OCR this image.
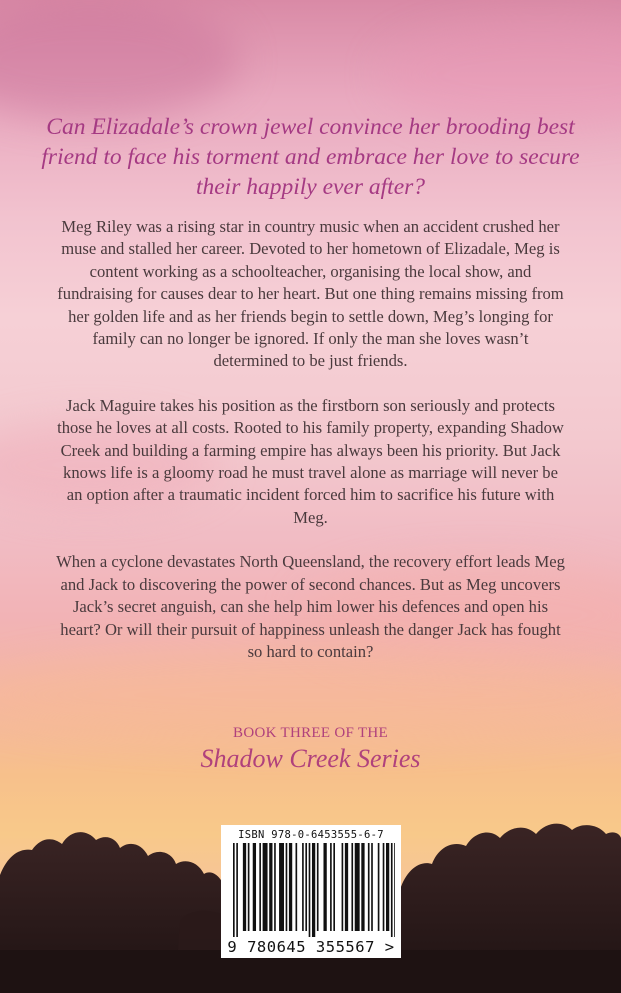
Can Elizadale’s crown jewel convince her brooding best friend to face his torment and embrace her love to secure their happily ever after?

Meg Riley was a rising star in country music when an accident crushed her muse and stalled her career. Devoted to her hometown of Elizadale, Meg is content working as a schoolteacher, organising the local show, and fundraising for causes dear to her heart. But one thing remains missing from her golden life and as her friends begin to settle down, Meg’s longing for family can no longer be ignored. If only the man she loves wasn’t determined to be just friends.

Jack Maguire takes his position as the firstborn son seriously and protects those he loves at all costs. Rooted to his family property, expanding Shadow Creek and building a farming empire has always been his priority. But Jack knows life is a gloomy road he must travel alone as marriage will never be an option after a traumatic incident forced him to sacrifice his future with Meg.

When a cyclone devastates North Queensland, the recovery effort leads Meg and Jack to discovering the power of second chances. But as Meg uncovers Jack’s secret anguish, can she help him lower his defences and open his heart? Or will their pursuit of happiness unleash the danger Jack has fought so hard to contain?

BOOK THREE OF THE
Shadow Creek Series
ISBN 978-0-6453555-6-7
9 780645 355567 >
